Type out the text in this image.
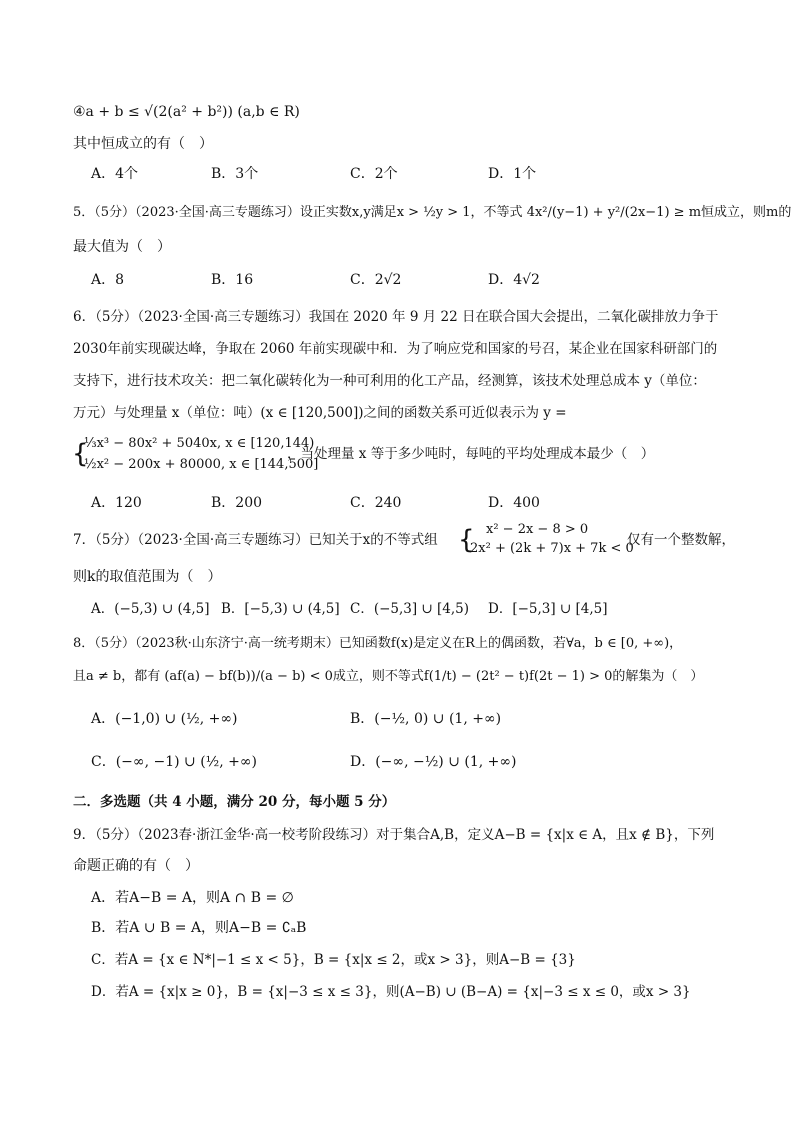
④a + b ≤ √(2(a² + b²)) (a,b ∈ R)
其中恒成立的有（　）
A．4个	B．3个	C．2个	D．1个
5．（5分）（2023·全国·高三专题练习）设正实数x,y满足x > ½y > 1，不等式 4x²/(y−1) + y²/(2x−1) ≥ m恒成立，则m的
最大值为（　）
A．8	B．16	C．2√2	D．4√2
6．（5分）（2023·全国·高三专题练习）我国在 2020 年 9 月 22 日在联合国大会提出，二氧化碳排放力争于
2030年前实现碳达峰，争取在 2060 年前实现碳中和．为了响应党和国家的号召，某企业在国家科研部门的
支持下，进行技术攻关：把二氧化碳转化为一种可利用的化工产品，经测算，该技术处理总成本 y（单位：
万元）与处理量 x（单位：吨）(x ∈ [120,500])之间的函数关系可近似表示为 y =
{
⅓x³ − 80x² + 5040x, x ∈ [120,144)
½x² − 200x + 80000, x ∈ [144,500]
，当处理量 x 等于多少吨时，每吨的平均处理成本最少（　）
A．120	B．200	C．240	D．400
7．（5分）（2023·全国·高三专题练习）已知关于x的不等式组 { x² − 2x − 8 > 0
2x² + (2k + 7)x + 7k < 0
仅有一个整数解，
则k的取值范围为（　）
A．(−5,3) ∪ (4,5] B．[−5,3) ∪ (4,5] C．(−5,3] ∪ [4,5) D．[−5,3] ∪ [4,5]
8．（5分）（2023秋·山东济宁·高一统考期末）已知函数f(x)是定义在R上的偶函数，若∀a，b ∈ [0, +∞)，
且a ≠ b，都有 (af(a) − bf(b))/(a − b) < 0成立，则不等式f(1/t) − (2t² − t)f(2t − 1) > 0的解集为（　）
A．(−1,0) ∪ (½, +∞)	B．(−½, 0) ∪ (1, +∞)
C．(−∞, −1) ∪ (½, +∞)	D．(−∞, −½) ∪ (1, +∞)
二．多选题（共 4 小题，满分 20 分，每小题 5 分）
9．（5分）（2023春·浙江金华·高一校考阶段练习）对于集合A,B，定义A−B = {x|x ∈ A，且x ∉ B}，下列
命题正确的有（　）
A．若A−B = A，则A ∩ B = ∅
B．若A ∪ B = A，则A−B = ∁ₐB
C．若A = {x ∈ N*|−1 ≤ x < 5}，B = {x|x ≤ 2，或x > 3}，则A−B = {3}
D．若A = {x|x ≥ 0}，B = {x|−3 ≤ x ≤ 3}，则(A−B) ∪ (B−A) = {x|−3 ≤ x ≤ 0，或x > 3}
